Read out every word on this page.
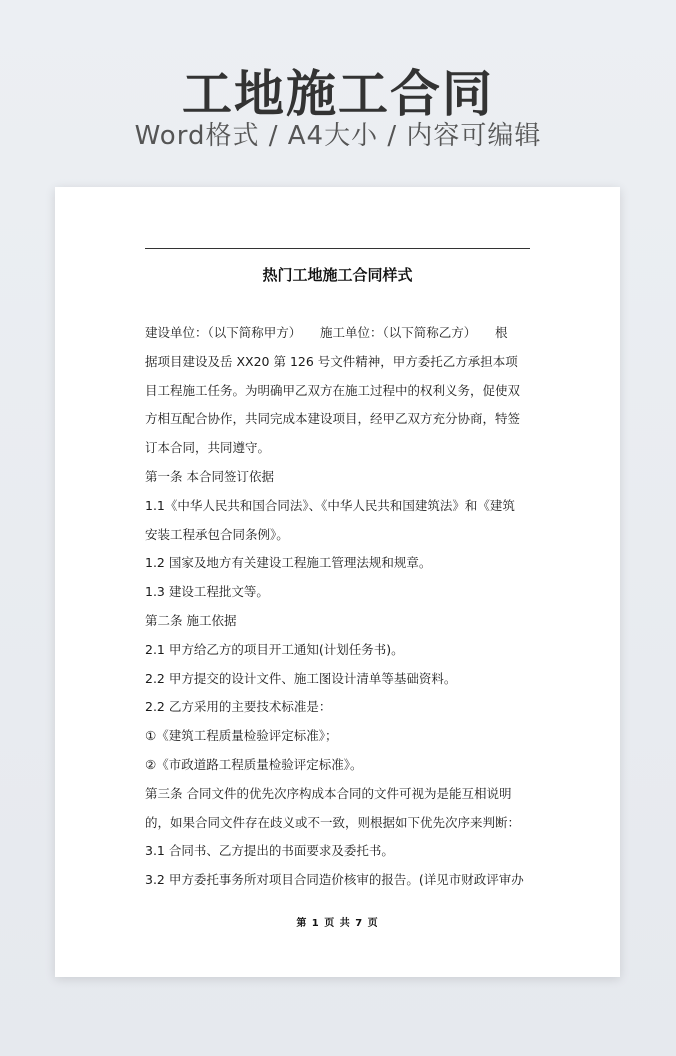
工地施工合同
Word格式 / A4大小 / 内容可编辑
热门工地施工合同样式
建设单位：（以下简称甲方）　　施工单位：（以下简称乙方）　　根
据项目建设及岳 XX20 第 126 号文件精神，甲方委托乙方承担本项
目工程施工任务。为明确甲乙双方在施工过程中的权利义务，促使双
方相互配合协作，共同完成本建设项目，经甲乙双方充分协商，特签
订本合同，共同遵守。
第一条 本合同签订依据
1.1《中华人民共和国合同法》、《中华人民共和国建筑法》和《建筑
安装工程承包合同条例》。
1.2 国家及地方有关建设工程施工管理法规和规章。
1.3 建设工程批文等。
第二条 施工依据
2.1 甲方给乙方的项目开工通知(计划任务书)。
2.2 甲方提交的设计文件、施工图设计清单等基础资料。
2.2 乙方采用的主要技术标准是：
①《建筑工程质量检验评定标准》；
②《市政道路工程质量检验评定标准》。
第三条 合同文件的优先次序构成本合同的文件可视为是能互相说明
的，如果合同文件存在歧义或不一致，则根据如下优先次序来判断：
3.1 合同书、乙方提出的书面要求及委托书。
3.2 甲方委托事务所对项目合同造价核审的报告。(详见市财政评审办
第 1 页 共 7 页
